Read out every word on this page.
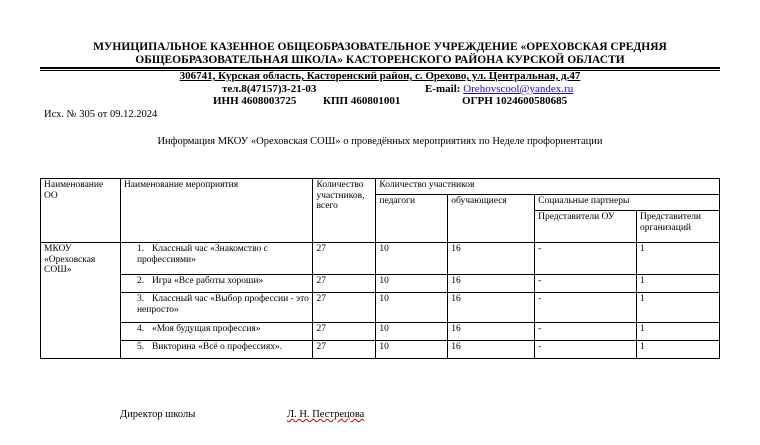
МУНИЦИПАЛЬНОЕ КАЗЕННОЕ ОБЩЕОБРАЗОВАТЕЛЬНОЕ УЧРЕЖДЕНИЕ «ОРЕХОВСКАЯ СРЕДНЯЯ
ОБЩЕОБРАЗОВАТЕЛЬНАЯ ШКОЛА» КАСТОРЕНСКОГО РАЙОНА КУРСКОЙ ОБЛАСТИ
306741, Курская область, Касторенский район, с. Орехово, ул. Центральная, д.47
тел.8(47157)3-21-03	E-mail: Orehovscool@yandex.ru
ИНН 4608003725 КПП 460801001	ОГРН 1024600580685
Исх. № 305 от 09.12.2024
Информация МКОУ «Ореховская СОШ» о проведённых мероприятиях по Неделе профориентации
Наименование ОО	Наименование мероприятия	Количество участников, всего	Количество участников			
			педагоги	обучающиеся	Социальные партнеры	
					Представители ОУ	Представители организаций
МКОУ «Ореховская СОШ»	1. Классный час «Знакомство с профессиями»	27	10	16	-	1
	2. Игра «Все работы хороши»	27	10	16	-	1
	3. Классный час «Выбор профессии - это непросто»	27	10	16	-	1
	4. «Моя будущая профессия»	27	10	16	-	1
	5. Викторина «Всё о профессиях».	27	10	16	-	1
Директор школы	Л. Н. Пестрецова
